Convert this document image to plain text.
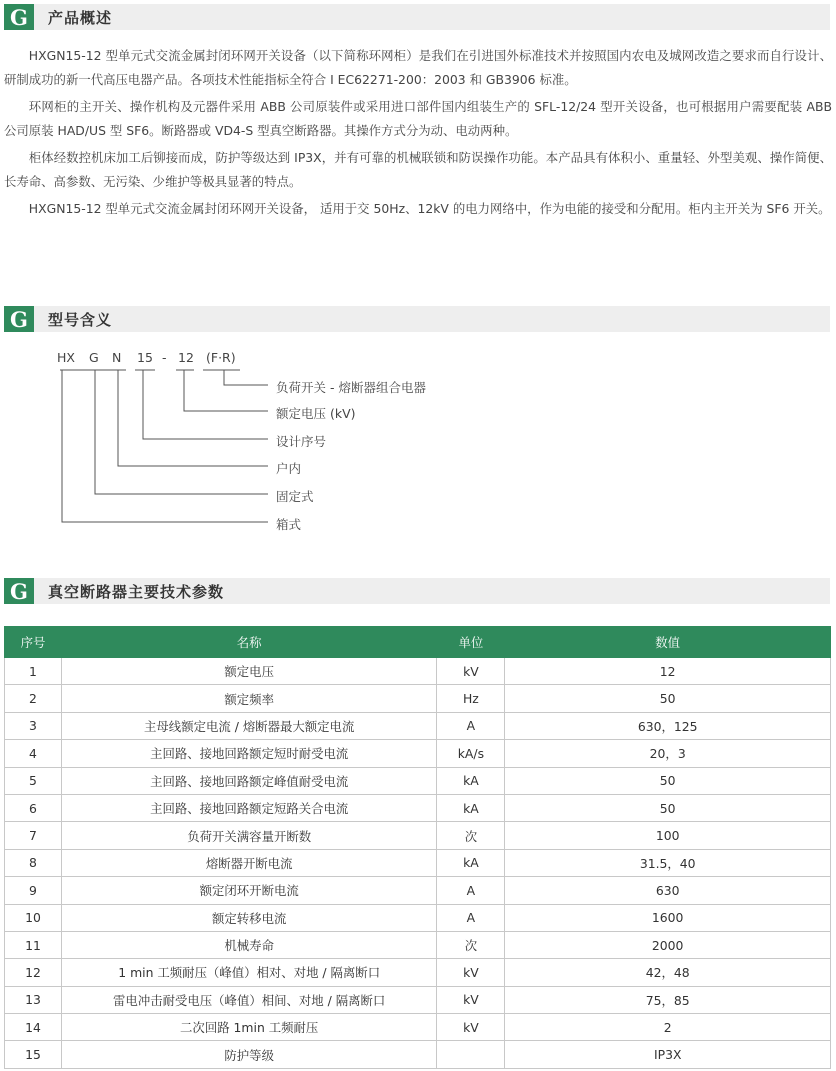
G	产品概述

HXGN15-12 型单元式交流金属封闭环网开关设备（以下简称环网柜）是我们在引进国外标准技术并按照国内农电及城网改造之要求而自行设计、研制成功的新一代高压电器产品。各项技术性能指标全符合 I EC62271-200：2003 和 GB3906 标准。

环网柜的主开关、操作机构及元器件采用 ABB 公司原装件或采用进口部件国内组装生产的 SFL-12/24 型开关设备，也可根据用户需要配装 ABB 公司原装 HAD/US 型 SF6。断路器或 VD4-S 型真空断路器。其操作方式分为动、电动两种。

柜体经数控机床加工后铆接而成，防护等级达到 IP3X，并有可靠的机械联锁和防误操作功能。本产品具有体积小、重量轻、外型美观、操作简便、长寿命、高参数、无污染、少维护等极具显著的特点。

HXGN15-12 型单元式交流金属封闭环网开关设备， 适用于交 50Hz、12kV 的电力网络中，作为电能的接受和分配用。柜内主开关为 SF6 开关。

G	型号含义
HX G N 15 - 12 (F·R)
负荷开关 - 熔断器组合电器
额定电压 (kV)
设计序号
户内
固定式
箱式
G	真空断路器主要技术参数
序号	名称	单位	数值
1	额定电压	kV	12
2	额定频率	Hz	50
3	主母线额定电流 / 熔断器最大额定电流	A	630，125
4	主回路、接地回路额定短时耐受电流	kA/s	20，3
5	主回路、接地回路额定峰值耐受电流	kA	50
6	主回路、接地回路额定短路关合电流	kA	50
7	负荷开关满容量开断数	次	100
8	熔断器开断电流	kA	31.5，40
9	额定闭环开断电流	A	630
10	额定转移电流	A	1600
11	机械寿命	次	2000
12	1 min 工频耐压（峰值）相对、对地 / 隔离断口	kV	42，48
13	雷电冲击耐受电压（峰值）相间、对地 / 隔离断口	kV	75，85
14	二次回路 1min 工频耐压	kV	2
15	防护等级		IP3X
